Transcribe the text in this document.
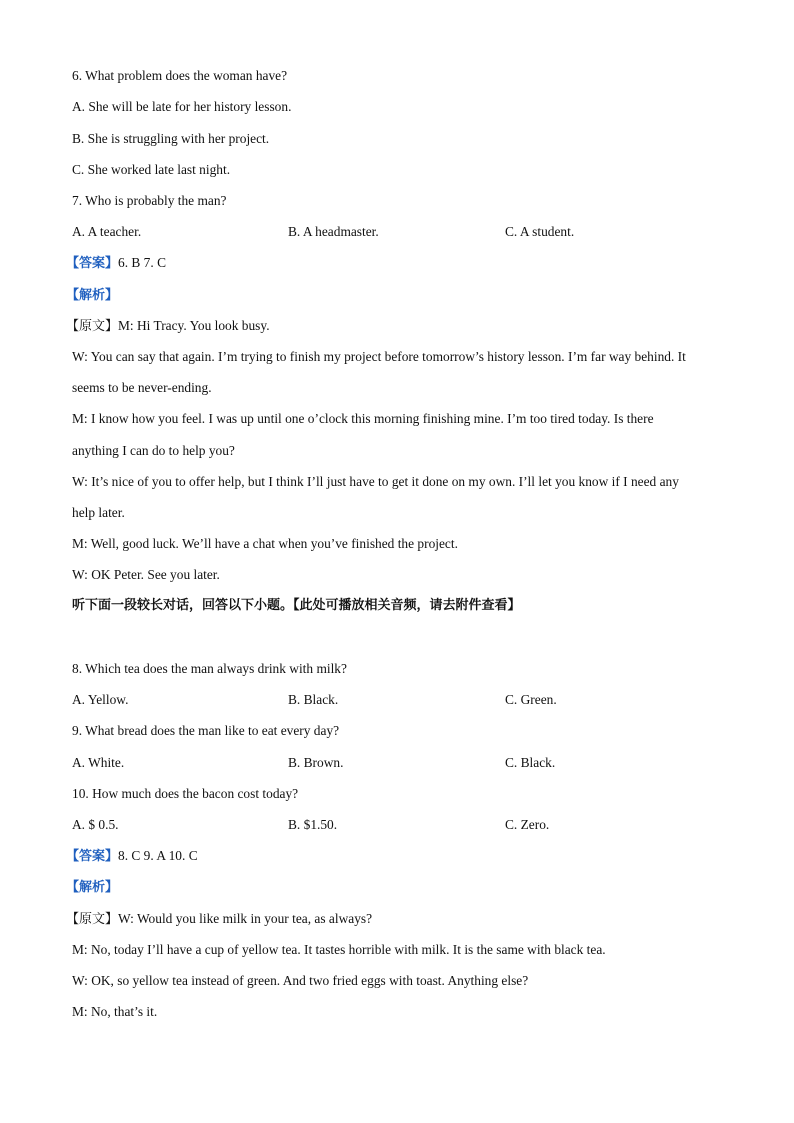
6. What problem does the woman have?
A. She will be late for her history lesson.
B. She is struggling with her project.
C. She worked late last night.
7. Who is probably the man?
A. A teacher.	B. A headmaster.	C. A student.
【答案】6. B 7. C
【解析】
【原文】M: Hi Tracy. You look busy.
W: You can say that again. I’m trying to finish my project before tomorrow’s history lesson. I’m far way behind. It
seems to be never-ending.
M: I know how you feel. I was up until one o’clock this morning finishing mine. I’m too tired today. Is there
anything I can do to help you?
W: It’s nice of you to offer help, but I think I’ll just have to get it done on my own. I’ll let you know if I need any
help later.
M: Well, good luck. We’ll have a chat when you’ve finished the project.
W: OK Peter. See you later.
听下面一段较长对话，回答以下小题。【此处可播放相关音频，请去附件查看】
8. Which tea does the man always drink with milk?
A. Yellow.	B. Black.	C. Green.
9. What bread does the man like to eat every day?
A. White.	B. Brown.	C. Black.
10. How much does the bacon cost today?
A. $ 0.5.	B. $1.50.	C. Zero.
【答案】8. C 9. A 10. C
【解析】
【原文】W: Would you like milk in your tea, as always?
M: No, today I’ll have a cup of yellow tea. It tastes horrible with milk. It is the same with black tea.
W: OK, so yellow tea instead of green. And two fried eggs with toast. Anything else?
M: No, that’s it.
